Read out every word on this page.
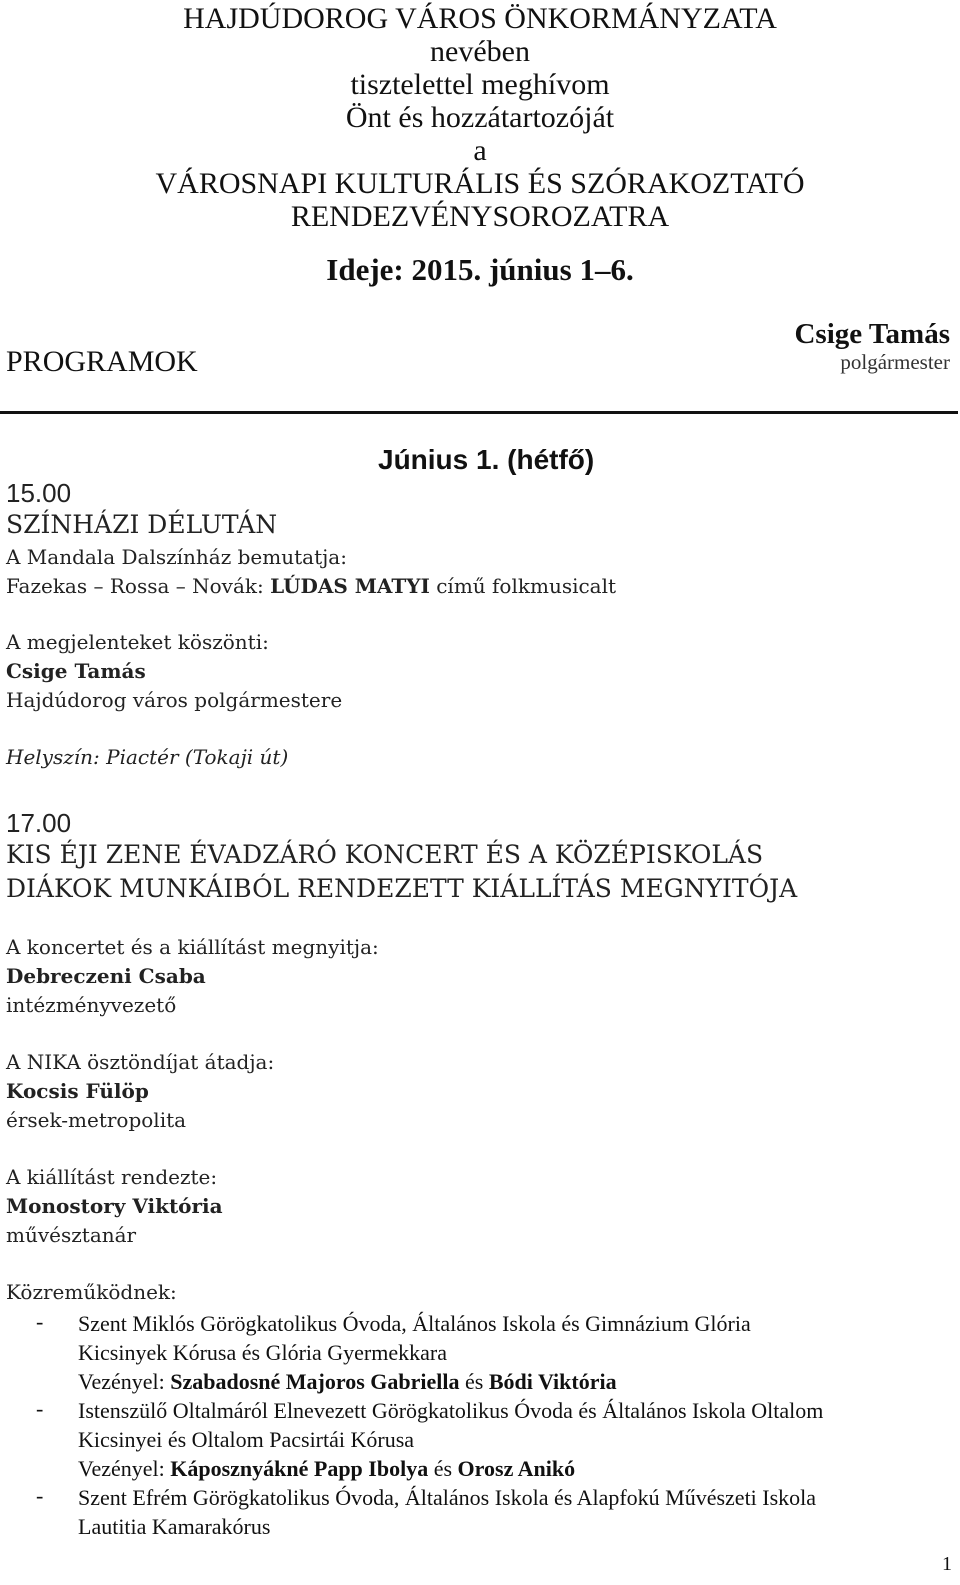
HAJDÚDOROG VÁROS ÖNKORMÁNYZATA
nevében
tisztelettel meghívom
Önt és hozzátartozóját
a
VÁROSNAPI KULTURÁLIS ÉS SZÓRAKOZTATÓ
RENDEZVÉNYSOROZATRA
Ideje: 2015. június 1–6.
Csige Tamás
polgármester
PROGRAMOK
Június 1. (hétfő)
15.00
SZÍNHÁZI DÉLUTÁN
A Mandala Dalszínház bemutatja:
Fazekas – Rossa – Novák: LÚDAS MATYI című folkmusicalt
A megjelenteket köszönti:
Csige Tamás
Hajdúdorog város polgármestere
Helyszín: Piactér (Tokaji út)
17.00
KIS ÉJI ZENE ÉVADZÁRÓ KONCERT ÉS A KÖZÉPISKOLÁS
DIÁKOK MUNKÁIBÓL RENDEZETT KIÁLLÍTÁS MEGNYITÓJA
A koncertet és a kiállítást megnyitja:
Debreczeni Csaba
intézményvezető
A NIKA ösztöndíjat átadja:
Kocsis Fülöp
érsek-metropolita
A kiállítást rendezte:
Monostory Viktória
művésztanár
Közreműködnek:
- Szent Miklós Görögkatolikus Óvoda, Általános Iskola és Gimnázium Glória
Kicsinyek Kórusa és Glória Gyermekkara
Vezényel: Szabadosné Majoros Gabriella és Bódi Viktória
- Istenszülő Oltalmáról Elnevezett Görögkatolikus Óvoda és Általános Iskola Oltalom
Kicsinyei és Oltalom Pacsirtái Kórusa
Vezényel: Káposznyákné Papp Ibolya és Orosz Anikó
- Szent Efrém Görögkatolikus Óvoda, Általános Iskola és Alapfokú Művészeti Iskola
Lautitia Kamarakórus
1
